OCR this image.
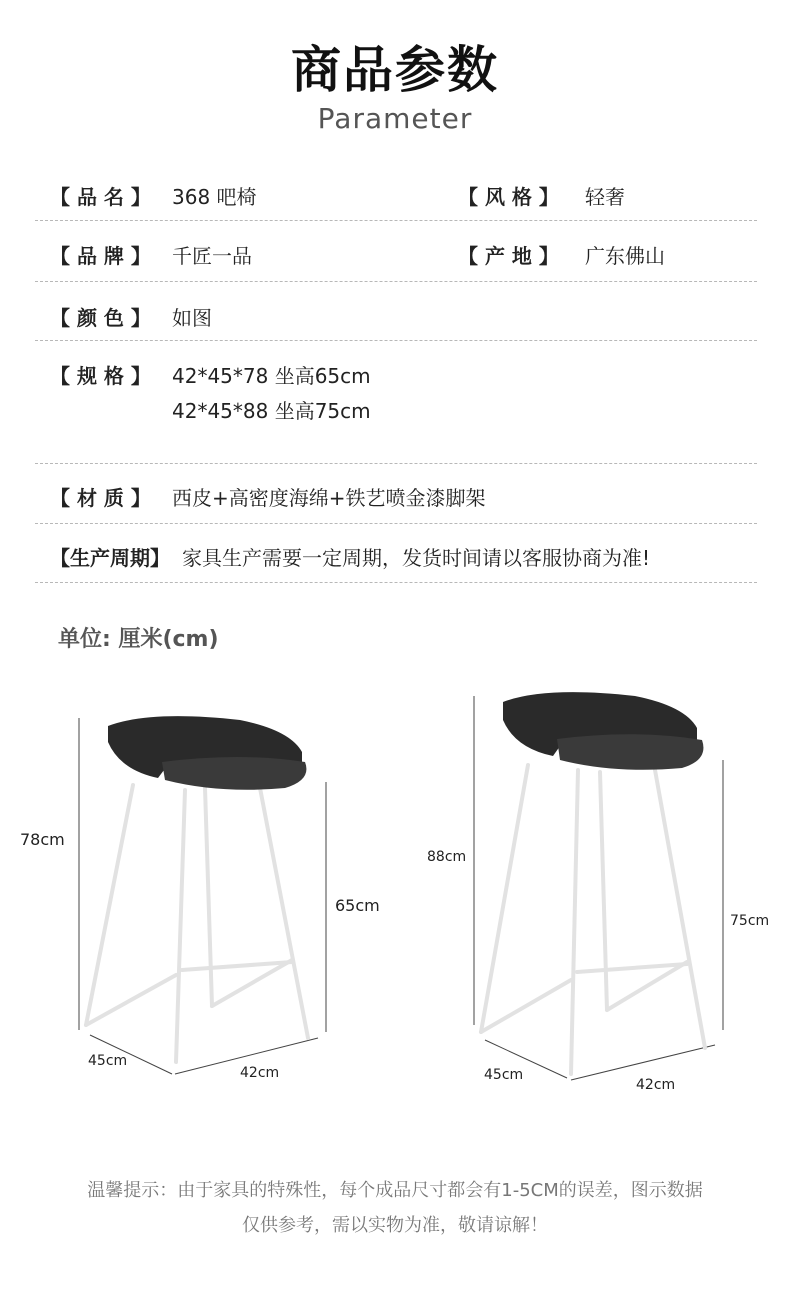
商品参数
Parameter
【 品 名 】 368 吧椅	【 风 格 】 轻奢
【 品 牌 】 千匠一品	【 产 地 】 广东佛山
【 颜 色 】 如图
【 规 格 】 42*45*78 坐高65cm
42*45*88 坐高75cm
【 材 质 】 西皮+高密度海绵+铁艺喷金漆脚架
【生产周期】 家具生产需要一定周期，发货时间请以客服协商为准!
单位: 厘米(cm)
78cm
65cm
45cm
42cm
88cm
75cm
45cm
42cm
温馨提示：由于家具的特殊性，每个成品尺寸都会有1-5CM的误差，图示数据
仅供参考，需以实物为准，敬请谅解！
